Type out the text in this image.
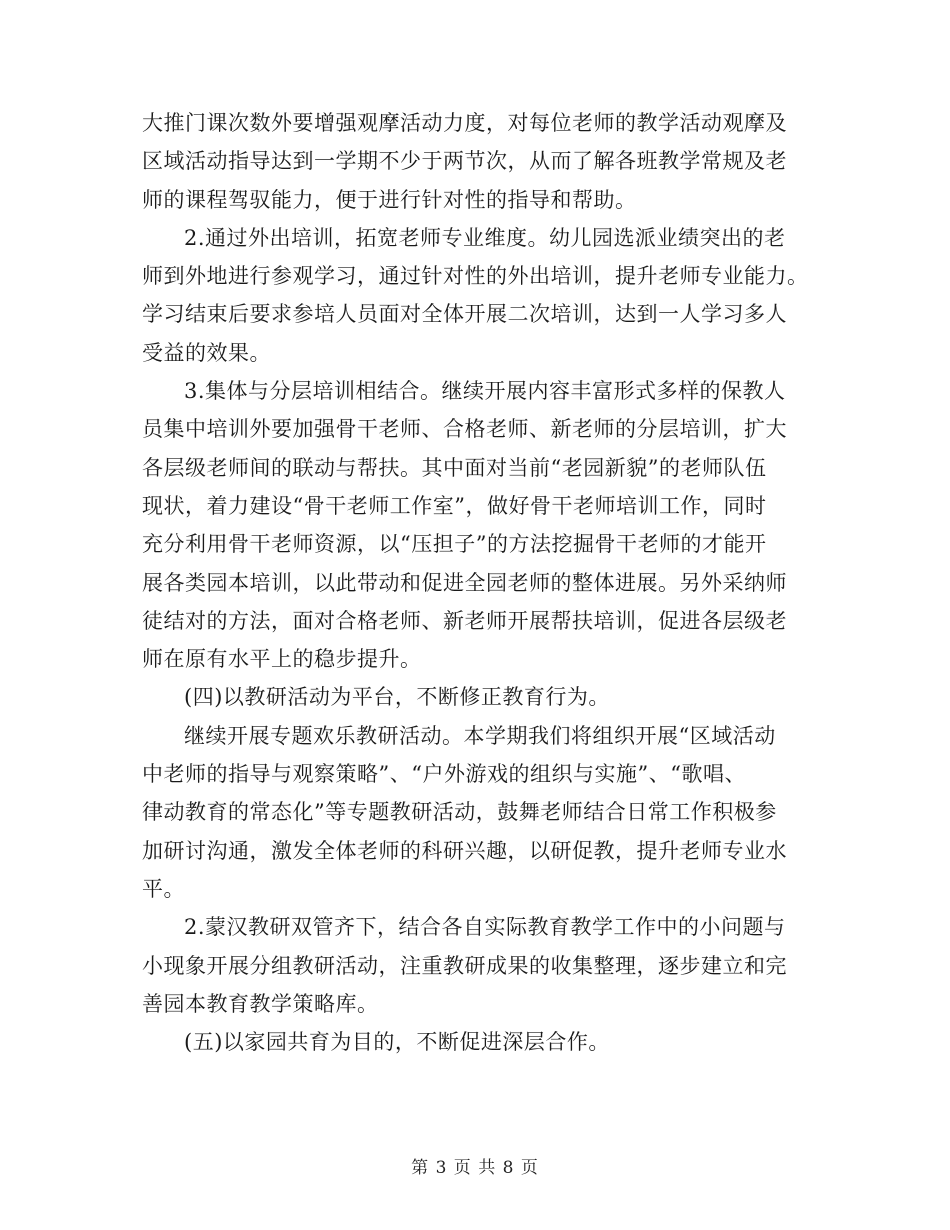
大推门课次数外要增强观摩活动力度，对每位老师的教学活动观摩及
区域活动指导达到一学期不少于两节次，从而了解各班教学常规及老
师的课程驾驭能力，便于进行针对性的指导和帮助。

2.通过外出培训，拓宽老师专业维度。幼儿园选派业绩突出的老
师到外地进行参观学习，通过针对性的外出培训，提升老师专业能力。
学习结束后要求参培人员面对全体开展二次培训，达到一人学习多人
受益的效果。

3.集体与分层培训相结合。继续开展内容丰富形式多样的保教人
员集中培训外要加强骨干老师、合格老师、新老师的分层培训，扩大
各层级老师间的联动与帮扶。其中面对当前“老园新貌”的老师队伍
现状，着力建设“骨干老师工作室”，做好骨干老师培训工作，同时
充分利用骨干老师资源，以“压担子”的方法挖掘骨干老师的才能开
展各类园本培训，以此带动和促进全园老师的整体进展。另外采纳师
徒结对的方法，面对合格老师、新老师开展帮扶培训，促进各层级老
师在原有水平上的稳步提升。

(四)以教研活动为平台，不断修正教育行为。

继续开展专题欢乐教研活动。本学期我们将组织开展“区域活动
中老师的指导与观察策略”、“户外游戏的组织与实施”、“歌唱、
律动教育的常态化”等专题教研活动，鼓舞老师结合日常工作积极参
加研讨沟通，激发全体老师的科研兴趣，以研促教，提升老师专业水
平。

2.蒙汉教研双管齐下，结合各自实际教育教学工作中的小问题与
小现象开展分组教研活动，注重教研成果的收集整理，逐步建立和完
善园本教育教学策略库。

(五)以家园共育为目的，不断促进深层合作。

第 3 页 共 8 页
